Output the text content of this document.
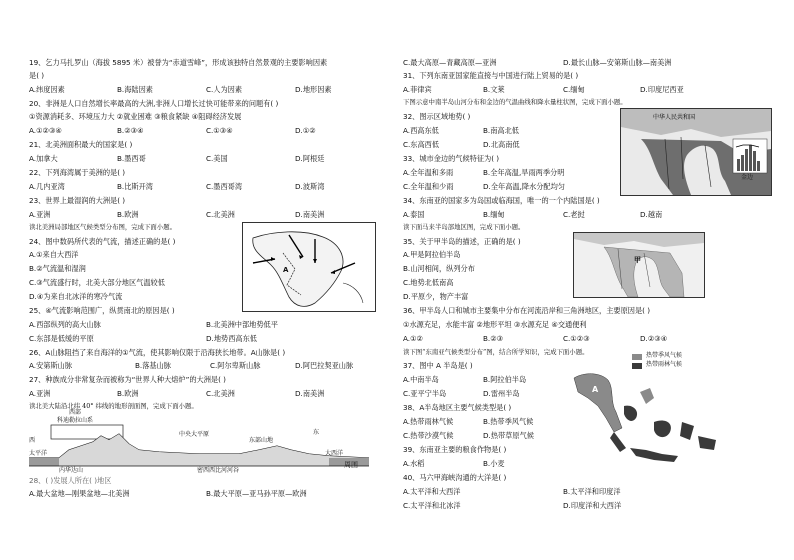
19、乞力马扎罗山（海拔 5895 米）被誉为“赤道雪峰”，形成该独特自然景观的主要影响因素
是( )
A.纬度因素	B.海陆因素	C.人为因素	D.地形因素
20、非洲是人口自然增长率最高的大洲,非洲人口增长过快可能带来的问题有( )
①资源消耗多、环境压力大 ②就业困难 ③粮食紧缺 ④阻碍经济发展
A.①②③④	B.②③④	C.①③④	D.①②
21、北美洲面积最大的国家是( )
A.加拿大	B.墨西哥	C.美国	D.阿根廷
22、下列海湾属于美洲的是( )
A.几内亚湾	B.比斯开湾	C.墨西哥湾	D.波斯湾
23、世界上最湿润的大洲是( )
A.亚洲	B.欧洲	C.北美洲	D.南美洲
读北美洲局部地区气候类型分布图，完成下面小题。
24、图中数码所代表的气流，描述正确的是( )
A.①来自大西洋
B.②气流温和湿润
C.③气流盛行时，北美大部分地区气温较低
D.④为来自北冰洋的寒冷气流
A
25、④气流影响范围广，纵贯南北的原因是( )
A.西部纵列的高大山脉	B.北美洲中部地势低平
C.东部是低缓的平原	D.地势西高东低
26、A山脉阻挡了来自海洋的①气流，使其影响仅限于沿海狭长地带。A山脉是( )
A.安第斯山脉	B.落基山脉	C.阿尔卑斯山脉	D.阿巴拉契亚山脉
27、种族成分非常复杂而被称为“世界人种大熔炉”的大洲是( )
A.亚洲	B.欧洲	C.北美洲	D.南美洲
读北美大陆沿北纬 40° 纬线的地形剖面图，完成下面小题。
西部
科迪勒拉山系
中央大平原
东部山地
西
东
太平洋	大西洋
内华达山	密西西比河河谷
周围
28、( )发展人所在( )地区
A.最大盆地—刚果盆地—北美洲	B.最大平原—亚马孙平原—欧洲
C.最大高原—青藏高原—亚洲	D.最长山脉—安第斯山脉—南美洲
31、下列东南亚国家能直接与中国进行陆上贸易的是( )
A.菲律宾	B.文莱	C.缅甸	D.印度尼西亚
下图示意中南半岛山河分布和金边的气温曲线和降水量柱状图，完成下面小题。
32、图示区域地势( )
A.西高东低	B.南高北低
C.东高西低	D.北高南低
33、城市金边的气候特征为( )
A.全年温和多雨	B.全年高温,旱雨两季分明
C.全年温和少雨	D.全年高温,降水分配均匀
中华人民共和国
金边
34、东南亚的国家多为岛国或临海国，唯一的一个内陆国是( )
A.泰国	B.缅甸	C.老挝	D.越南
读下面马来半岛部地区图，完成下面小题。
35、关于甲半岛的描述，正确的是( )
A.甲是阿拉伯半岛
B.山河相间，纵列分布
C.地势北低南高
D.平原少，物产丰富
甲
36、甲半岛人口和城市主要集中分布在河流沿岸和三角洲地区，主要原因是( )
①水源充足，水能丰富 ②地形平坦 ③水源充足 ④交通便利
A.①②	B.②③	C.①②③	D.②③④
读下图“东南亚气候类型分布”图，结合所学知识，完成下面小题。
37、图中 A 半岛是( )
A.中南半岛	B.阿拉伯半岛
C.亚平宁半岛	D.雷州半岛
热带季风气候
热带雨林气候
A
38、A半岛地区主要气候类型是( )
A.热带雨林气候	B.热带季风气候
C.热带沙漠气候	D.热带草原气候
39、东南亚主要的粮食作物是( )
A.水稻	B.小麦
40、马六甲海峡沟通的大洋是( )
A.太平洋和大西洋	B.太平洋和印度洋
C.太平洋和北冰洋	D.印度洋和大西洋
